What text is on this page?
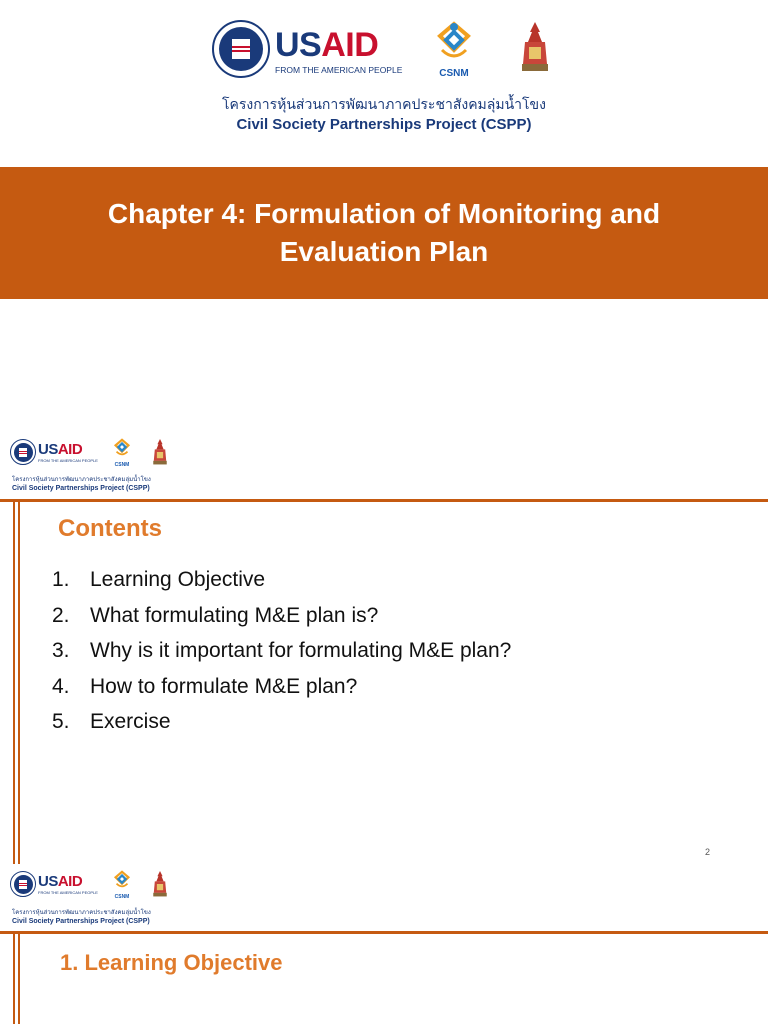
USAID
FROM THE AMERICAN PEOPLE	CSNM
โครงการหุ้นส่วนการพัฒนาภาคประชาสังคมลุ่มน้ำโขง
Civil Society Partnerships Project (CSPP)
Chapter 4: Formulation of Monitoring and Evaluation Plan
USAID
FROM THE AMERICAN PEOPLE
CSNM
โครงการหุ้นส่วนการพัฒนาภาคประชาสังคมลุ่มน้ำโขง
Civil Society Partnerships Project (CSPP)
Contents
1. Learning Objective
2. What formulating M&E plan is?
3. Why is it important for formulating M&E plan?
4. How to formulate M&E plan?
5. Exercise
2
USAID
FROM THE AMERICAN PEOPLE
CSNM
โครงการหุ้นส่วนการพัฒนาภาคประชาสังคมลุ่มน้ำโขง
Civil Society Partnerships Project (CSPP)
1. Learning Objective
